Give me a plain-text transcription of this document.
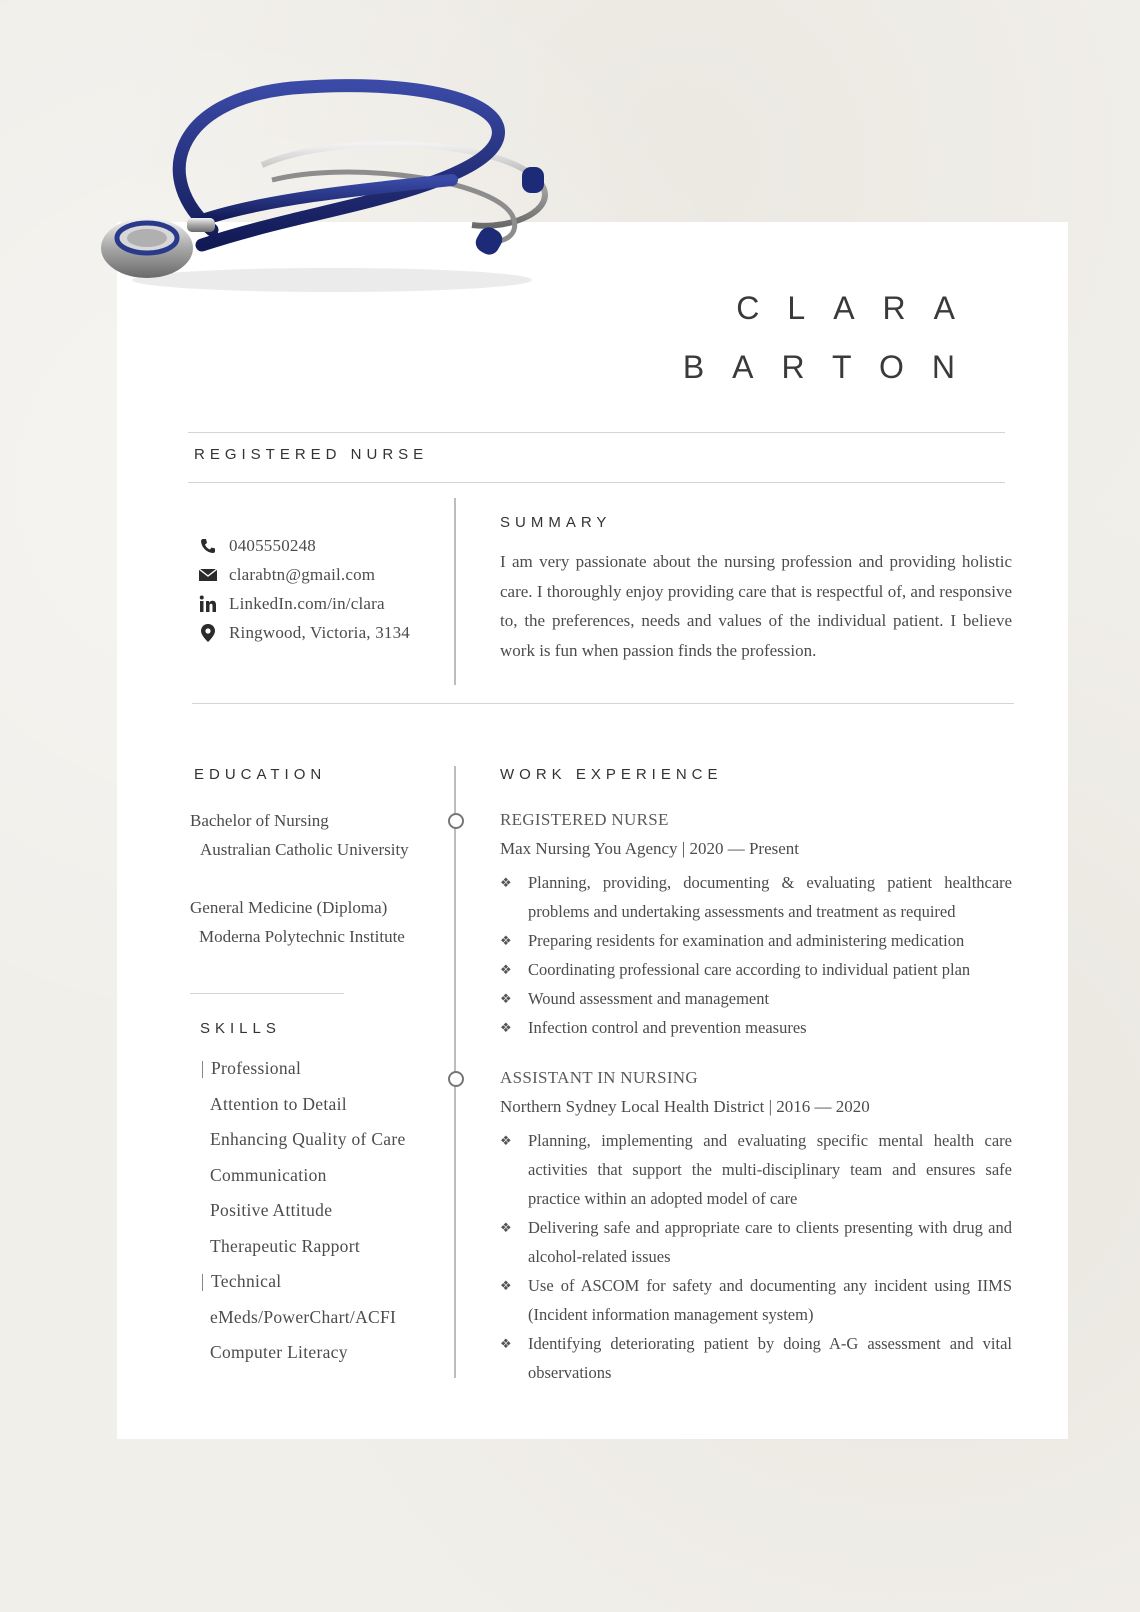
CLARA
BARTON
REGISTERED NURSE
0405550248
clarabtn@gmail.com
LinkedIn.com/in/clara
Ringwood, Victoria, 3134
SUMMARY
I am very passionate about the nursing profession and providing holistic care. I thoroughly enjoy providing care that is respectful of, and responsive to, the preferences, needs and values of the individual patient. I believe work is fun when passion finds the profession.
EDUCATION
Bachelor of Nursing
Australian Catholic University
General Medicine (Diploma)
Moderna Polytechnic Institute
SKILLS
Professional
Attention to Detail
Enhancing Quality of Care
Communication
Positive Attitude
Therapeutic Rapport
Technical
eMeds/PowerChart/ACFI
Computer Literacy
WORK EXPERIENCE
REGISTERED NURSE
Max Nursing You Agency | 2020 — Present
❖ Planning, providing, documenting & evaluating patient healthcare problems and undertaking assessments and treatment as required
❖ Preparing residents for examination and administering medication
❖ Coordinating professional care according to individual patient plan
❖ Wound assessment and management
❖ Infection control and prevention measures
ASSISTANT IN NURSING
Northern Sydney Local Health District | 2016 — 2020
❖ Planning, implementing and evaluating specific mental health care activities that support the multi-disciplinary team and ensures safe practice within an adopted model of care
❖ Delivering safe and appropriate care to clients presenting with drug and alcohol-related issues
❖ Use of ASCOM for safety and documenting any incident using IIMS (Incident information management system)
❖ Identifying deteriorating patient by doing A-G assessment and vital observations
